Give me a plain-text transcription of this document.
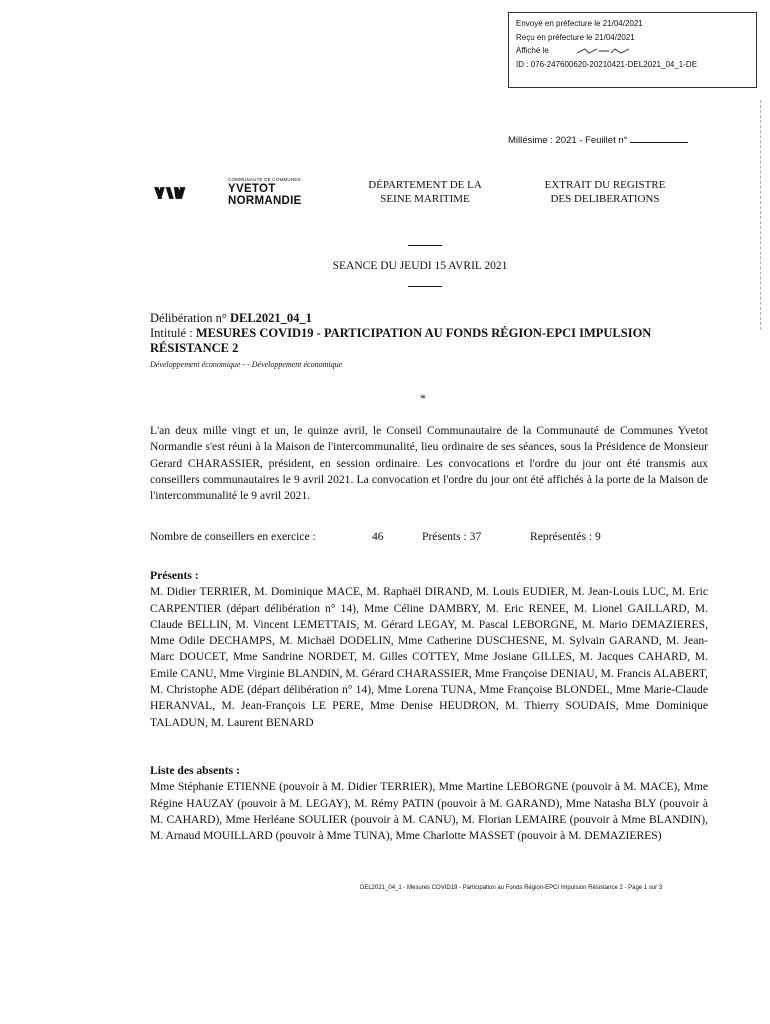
Envoyé en préfecture le 21/04/2021
Reçu en préfecture le 21/04/2021
Affiché le
ID : 076-247600620-20210421-DEL2021_04_1-DE
Millésime : 2021 - Feuillet n°
COMMUNAUTÉ DE COMMUNES
YVETOT
NORMANDIE
DÉPARTEMENT DE LA
SEINE MARITIME
EXTRAIT DU REGISTRE
DES DELIBERATIONS
SEANCE DU JEUDI 15 AVRIL 2021
Délibération n° DEL2021_04_1
Intitulé : MESURES COVID19 - PARTICIPATION AU FONDS RÉGION-EPCI IMPULSION RÉSISTANCE 2
Développement économique - - Développement économique
*
L'an deux mille vingt et un, le quinze avril, le Conseil Communautaire de la Communauté de Communes Yvetot Normandie s'est réuni à la Maison de l'intercommunalité, lieu ordinaire de ses séances, sous la Présidence de Monsieur Gerard CHARASSIER, président, en session ordinaire. Les convocations et l'ordre du jour ont été transmis aux conseillers communautaires le 9 avril 2021. La convocation et l'ordre du jour ont été affichés à la porte de la Maison de l'intercommunalité le 9 avril 2021.
Nombre de conseillers en exercice :	46	Présents : 37	Représentés : 9
Présents :
M. Didier TERRIER, M. Dominique MACE, M. Raphaël DIRAND, M. Louis EUDIER, M. Jean-Louis LUC, M. Eric CARPENTIER (départ délibération n° 14), Mme Céline DAMBRY, M. Eric RENEE, M. Lionel GAILLARD, M. Claude BELLIN, M. Vincent LEMETTAIS, M. Gérard LEGAY, M. Pascal LEBORGNE, M. Mario DEMAZIERES, Mme Odile DECHAMPS, M. Michaël DODELIN, Mme Catherine DUSCHESNE, M. Sylvain GARAND, M. Jean-Marc DOUCET, Mme Sandrine NORDET, M. Gilles COTTEY, Mme Josiane GILLES, M. Jacques CAHARD, M. Emile CANU, Mme Virginie BLANDIN, M. Gérard CHARASSIER, Mme Françoise DENIAU, M. Francis ALABERT, M. Christophe ADE (départ délibération n° 14), Mme Lorena TUNA, Mme Françoise BLONDEL, Mme Marie-Claude HERANVAL, M. Jean-François LE PERE, Mme Denise HEUDRON, M. Thierry SOUDAIS, Mme Dominique TALADUN, M. Laurent BENARD
Liste des absents :
Mme Stéphanie ETIENNE (pouvoir à M. Didier TERRIER), Mme Martine LEBORGNE (pouvoir à M. MACE), Mme Régine HAUZAY (pouvoir à M. LEGAY), M. Rémy PATIN (pouvoir à M. GARAND), Mme Natasha BLY (pouvoir à M. CAHARD), Mme Herléane SOULIER (pouvoir à M. CANU), M. Florian LEMAIRE (pouvoir à Mme BLANDIN), M. Arnaud MOUILLARD (pouvoir à Mme TUNA), Mme Charlotte MASSET (pouvoir à M. DEMAZIERES)
DEL2021_04_1 - Mesures COVID19 - Participation au Fonds Région-EPCI Impulsion Résistance 2 - Page 1 sur 3
